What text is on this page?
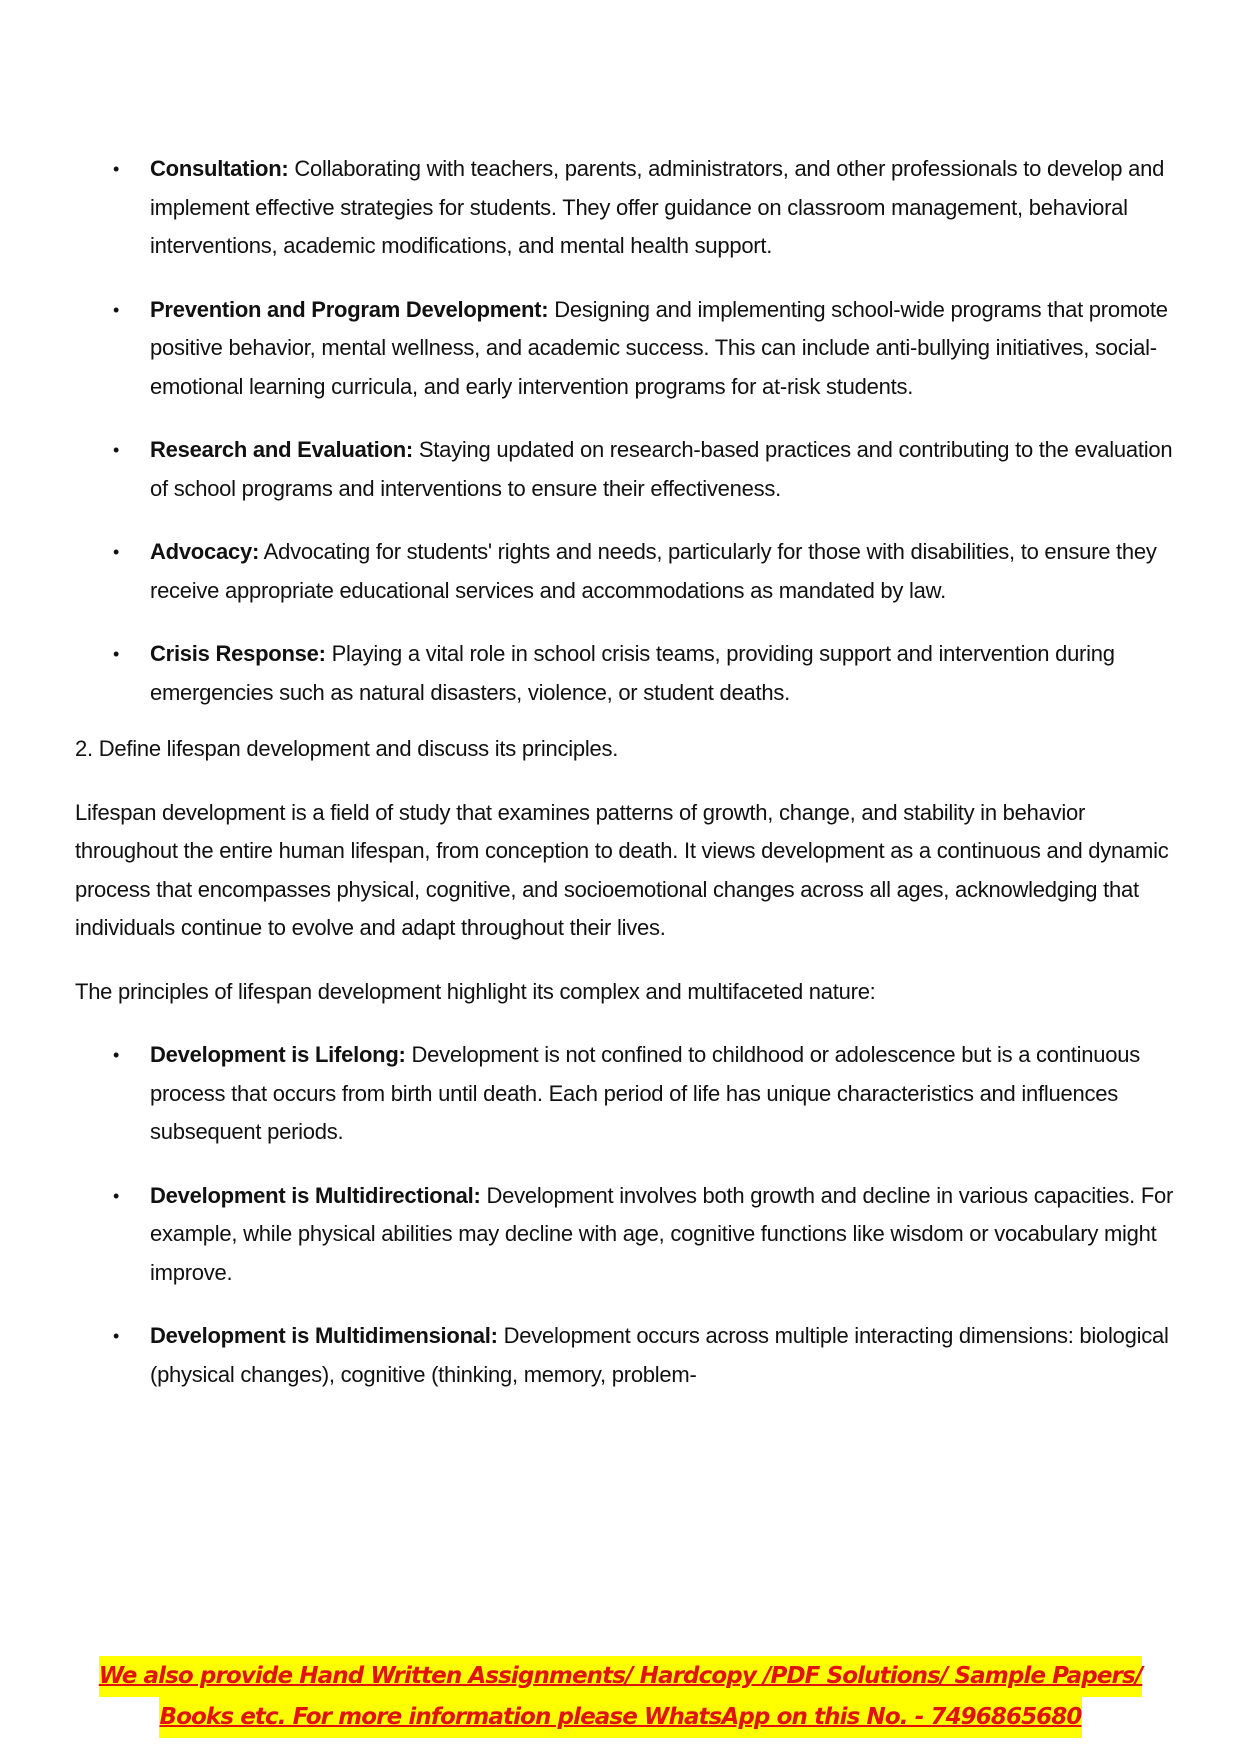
• Consultation: Collaborating with teachers, parents, administrators, and other professionals to develop and implement effective strategies for students. They offer guidance on classroom management, behavioral interventions, academic modifications, and mental health support.
• Prevention and Program Development: Designing and implementing school-wide programs that promote positive behavior, mental wellness, and academic success. This can include anti-bullying initiatives, social-emotional learning curricula, and early intervention programs for at-risk students.
• Research and Evaluation: Staying updated on research-based practices and contributing to the evaluation of school programs and interventions to ensure their effectiveness.
• Advocacy: Advocating for students' rights and needs, particularly for those with disabilities, to ensure they receive appropriate educational services and accommodations as mandated by law.
• Crisis Response: Playing a vital role in school crisis teams, providing support and intervention during emergencies such as natural disasters, violence, or student deaths.

2. Define lifespan development and discuss its principles.

Lifespan development is a field of study that examines patterns of growth, change, and stability in behavior throughout the entire human lifespan, from conception to death. It views development as a continuous and dynamic process that encompasses physical, cognitive, and socioemotional changes across all ages, acknowledging that individuals continue to evolve and adapt throughout their lives.

The principles of lifespan development highlight its complex and multifaceted nature:

• Development is Lifelong: Development is not confined to childhood or adolescence but is a continuous process that occurs from birth until death. Each period of life has unique characteristics and influences subsequent periods.
• Development is Multidirectional: Development involves both growth and decline in various capacities. For example, while physical abilities may decline with age, cognitive functions like wisdom or vocabulary might improve.
• Development is Multidimensional: Development occurs across multiple interacting dimensions: biological (physical changes), cognitive (thinking, memory, problem-
We also provide Hand Written Assignments/ Hardcopy /PDF Solutions/ Sample Papers/
Books etc. For more information please WhatsApp on this No. - 7496865680
